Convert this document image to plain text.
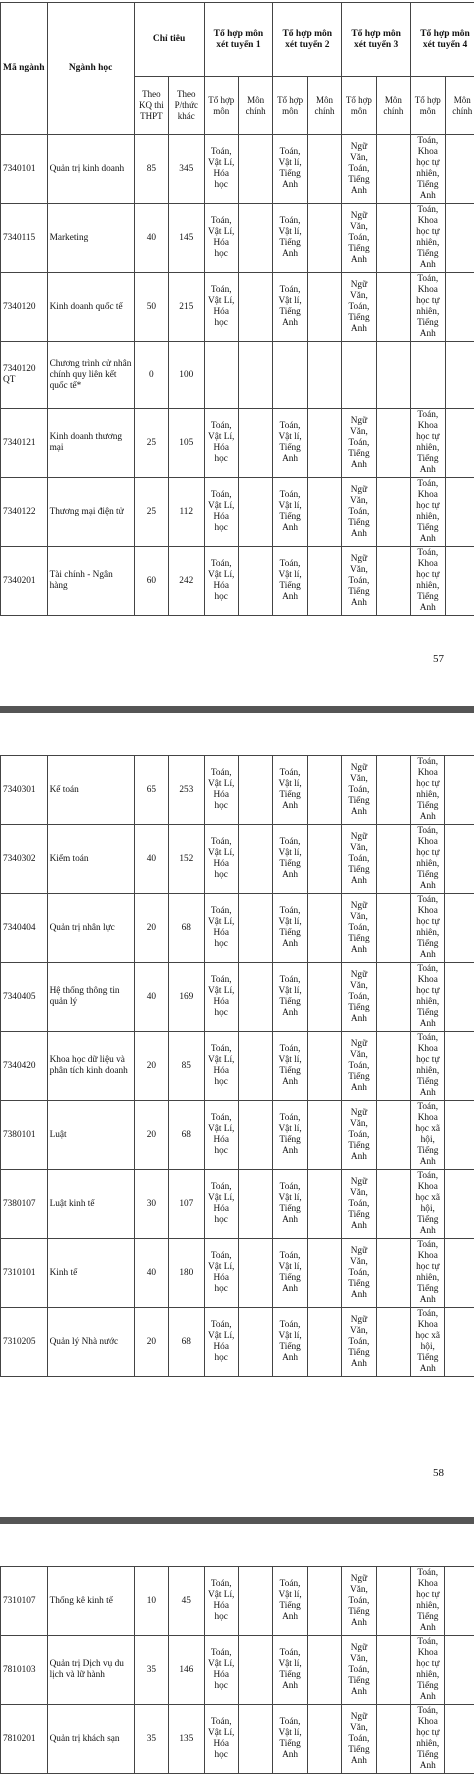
Mã ngành	Ngành học	Chỉ tiêu		Tổ hợp môn xét tuyển 1		Tổ hợp môn xét tuyển 2		Tổ hợp môn xét tuyển 3		Tổ hợp môn xét tuyển 4	
		Theo KQ thi THPT	Theo P/thức khác	Tổ hợp môn	Môn chính	Tổ hợp môn	Môn chính	Tổ hợp môn	Môn chính	Tổ hợp môn	Môn chính
7340101	Quản trị kinh doanh	85	345	Toán, Vật Lí, Hóa học		Toán, Vật lí, Tiếng Anh		Ngữ Văn, Toán, Tiếng Anh		Toán, Khoa học tự nhiên, Tiếng Anh	
7340115	Marketing	40	145	Toán, Vật Lí, Hóa học		Toán, Vật lí, Tiếng Anh		Ngữ Văn, Toán, Tiếng Anh		Toán, Khoa học tự nhiên, Tiếng Anh	
7340120	Kinh doanh quốc tế	50	215	Toán, Vật Lí, Hóa học		Toán, Vật lí, Tiếng Anh		Ngữ Văn, Toán, Tiếng Anh		Toán, Khoa học tự nhiên, Tiếng Anh	
7340120 QT	Chương trình cử nhân chính quy liên kết quốc tế*	0	100								
7340121	Kinh doanh thương mại	25	105	Toán, Vật Lí, Hóa học		Toán, Vật lí, Tiếng Anh		Ngữ Văn, Toán, Tiếng Anh		Toán, Khoa học tự nhiên, Tiếng Anh	
7340122	Thương mại điện tử	25	112	Toán, Vật Lí, Hóa học		Toán, Vật lí, Tiếng Anh		Ngữ Văn, Toán, Tiếng Anh		Toán, Khoa học tự nhiên, Tiếng Anh	
7340201	Tài chính - Ngân hàng	60	242	Toán, Vật Lí, Hóa học		Toán, Vật lí, Tiếng Anh		Ngữ Văn, Toán, Tiếng Anh		Toán, Khoa học tự nhiên, Tiếng Anh	
57
7340301	Kế toán	65	253	Toán, Vật Lí, Hóa học		Toán, Vật lí, Tiếng Anh		Ngữ Văn, Toán, Tiếng Anh		Toán, Khoa học tự nhiên, Tiếng Anh	
7340302	Kiểm toán	40	152	Toán, Vật Lí, Hóa học		Toán, Vật lí, Tiếng Anh		Ngữ Văn, Toán, Tiếng Anh		Toán, Khoa học tự nhiên, Tiếng Anh	
7340404	Quản trị nhân lực	20	68	Toán, Vật Lí, Hóa học		Toán, Vật lí, Tiếng Anh		Ngữ Văn, Toán, Tiếng Anh		Toán, Khoa học tự nhiên, Tiếng Anh	
7340405	Hệ thống thông tin quản lý	40	169	Toán, Vật Lí, Hóa học		Toán, Vật lí, Tiếng Anh		Ngữ Văn, Toán, Tiếng Anh		Toán, Khoa học tự nhiên, Tiếng Anh	
7340420	Khoa học dữ liệu và phân tích kinh doanh	20	85	Toán, Vật Lí, Hóa học		Toán, Vật lí, Tiếng Anh		Ngữ Văn, Toán, Tiếng Anh		Toán, Khoa học tự nhiên, Tiếng Anh	
7380101	Luật	20	68	Toán, Vật Lí, Hóa học		Toán, Vật lí, Tiếng Anh		Ngữ Văn, Toán, Tiếng Anh		Toán, Khoa học xã hội, Tiếng Anh	
7380107	Luật kinh tế	30	107	Toán, Vật Lí, Hóa học		Toán, Vật lí, Tiếng Anh		Ngữ Văn, Toán, Tiếng Anh		Toán, Khoa học xã hội, Tiếng Anh	
7310101	Kinh tế	40	180	Toán, Vật Lí, Hóa học		Toán, Vật lí, Tiếng Anh		Ngữ Văn, Toán, Tiếng Anh		Toán, Khoa học tự nhiên, Tiếng Anh	
7310205	Quản lý Nhà nước	20	68	Toán, Vật Lí, Hóa học		Toán, Vật lí, Tiếng Anh		Ngữ Văn, Toán, Tiếng Anh		Toán, Khoa học xã hội, Tiếng Anh	
58
7310107	Thống kê kinh tế	10	45	Toán, Vật Lí, Hóa học		Toán, Vật lí, Tiếng Anh		Ngữ Văn, Toán, Tiếng Anh		Toán, Khoa học tự nhiên, Tiếng Anh	
7810103	Quản trị Dịch vụ du lịch và lữ hành	35	146	Toán, Vật Lí, Hóa học		Toán, Vật lí, Tiếng Anh		Ngữ Văn, Toán, Tiếng Anh		Toán, Khoa học tự nhiên, Tiếng Anh	
7810201	Quản trị khách sạn	35	135	Toán, Vật Lí, Hóa học		Toán, Vật lí, Tiếng Anh		Ngữ Văn, Toán, Tiếng Anh		Toán, Khoa học tự nhiên, Tiếng Anh	
